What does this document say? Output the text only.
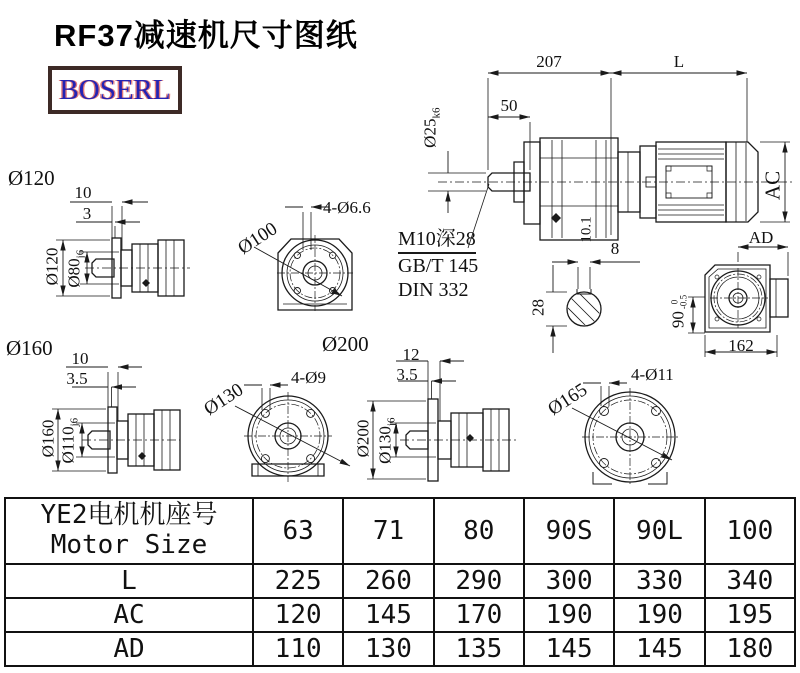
RF37减速机尺寸图纸
BOSERL
207	L
50
$Ø25_{k6}$
10.1
AC
M10深28
GB/T 145
DIN 332
8
28
AD
90
0 -0.5
162
Ø120
10
3
Ø120 $Ø80_{j6}$	Ø100
4-Ø6.6
Ø200
Ø160	10
3.5
Ø160 $Ø110_{j6}$
Ø130
4-Ø9
12
3.5
Ø200 $Ø130_{j6}$
Ø165
4-Ø11
YE2电机机座号
Motor Size	63	71	80	90S	90L	100
L	225	260	290	300	330	340
AC	120	145	170	190	190	195
AD	110	130	135	145	145	180
